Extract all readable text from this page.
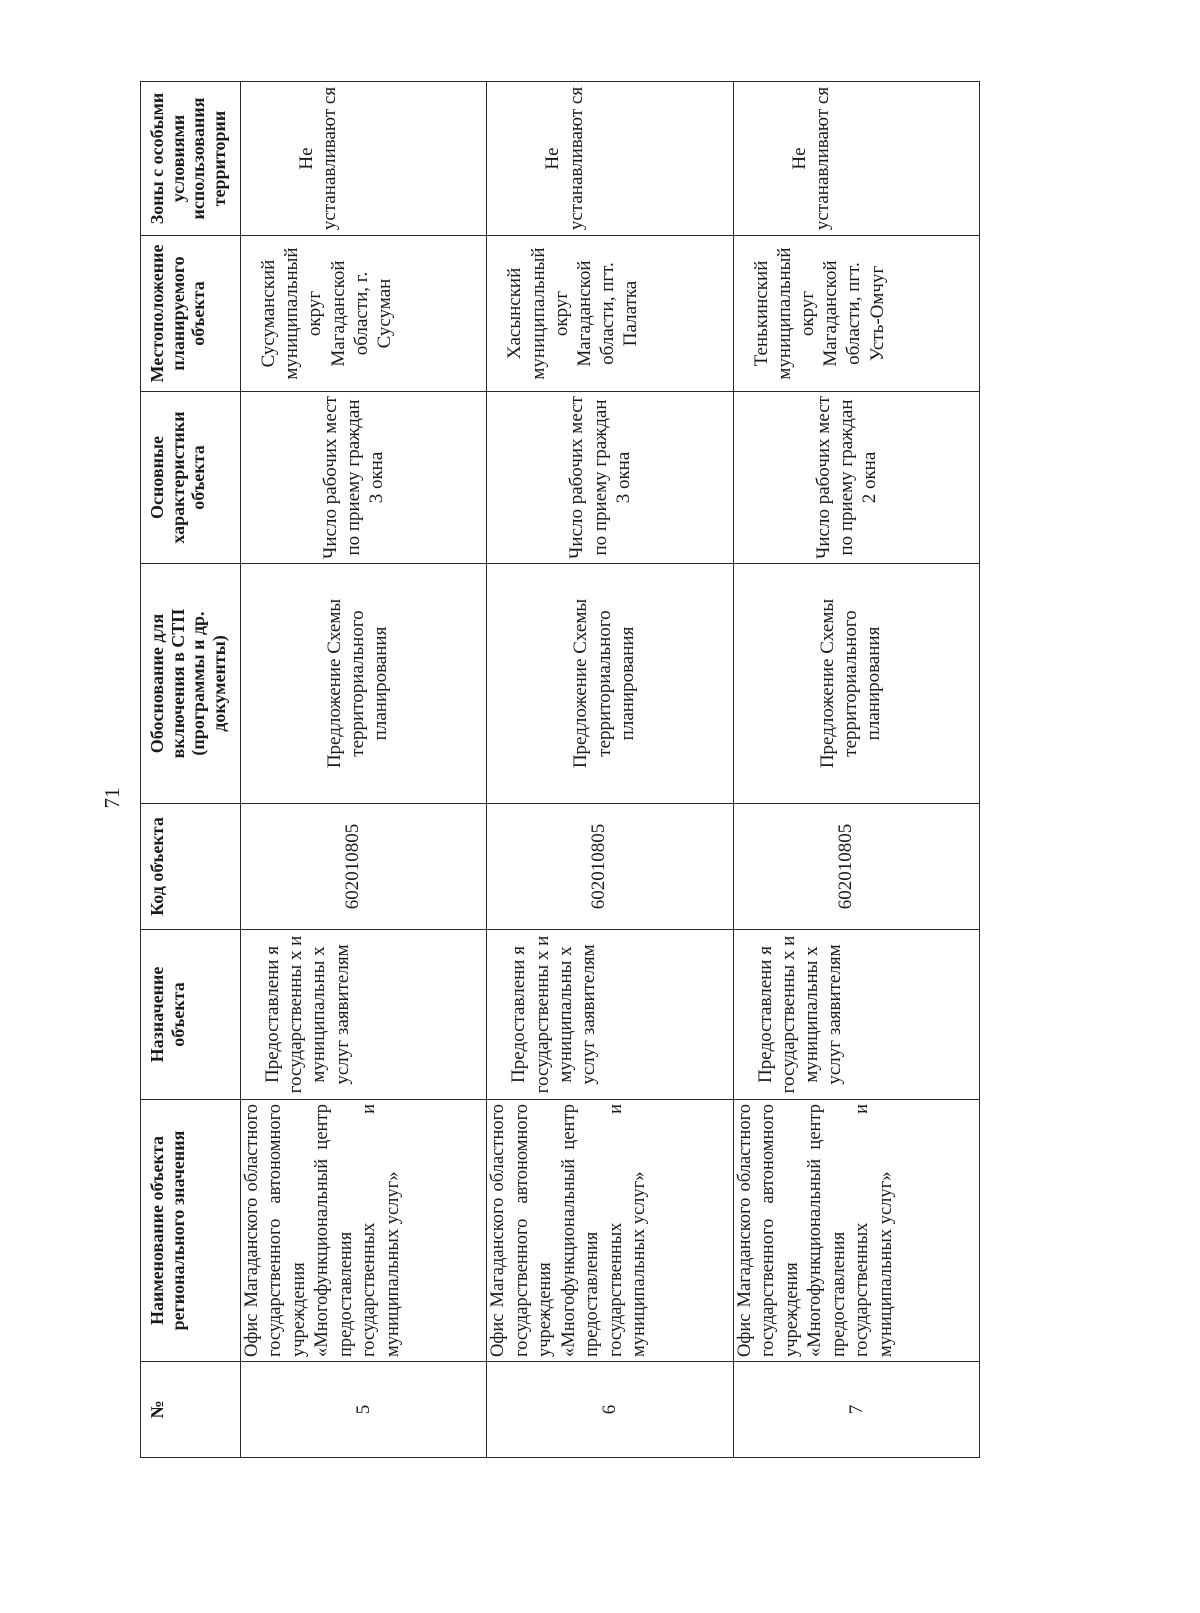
71
№	Наименование объекта регионального значения	Назначение объекта	Код объекта	Обоснование для включения в СТП (программы и др. документы)	Основные характеристики объекта	Местоположение планируемого объекта	Зоны с особыми условиями использования территории
5	Офис Магаданского областного государственного автономного учреждения «Многофункциональный центр предоставления государственных и муниципальных услуг»	Предоставлени я государственны х и муниципальны х услуг заявителям	602010805	Предложение Схемы территориального планирования	Число рабочих мест по приему граждан 3 окна	Сусуманский муниципальный округ Магаданской области, г. Сусуман	Не устанавливают ся
6	Офис Магаданского областного государственного автономного учреждения «Многофункциональный центр предоставления государственных и муниципальных услуг»	Предоставлени я государственны х и муниципальны х услуг заявителям	602010805	Предложение Схемы территориального планирования	Число рабочих мест по приему граждан 3 окна	Хасынский муниципальный округ Магаданской области, пгт. Палатка	Не устанавливают ся
7	Офис Магаданского областного государственного автономного учреждения «Многофункциональный центр предоставления государственных и муниципальных услуг»	Предоставлени я государственны х и муниципальны х услуг заявителям	602010805	Предложение Схемы территориального планирования	Число рабочих мест по приему граждан 2 окна	Тенькинский муниципальный округ Магаданской области, пгт. Усть-Омчуг	Не устанавливают ся
